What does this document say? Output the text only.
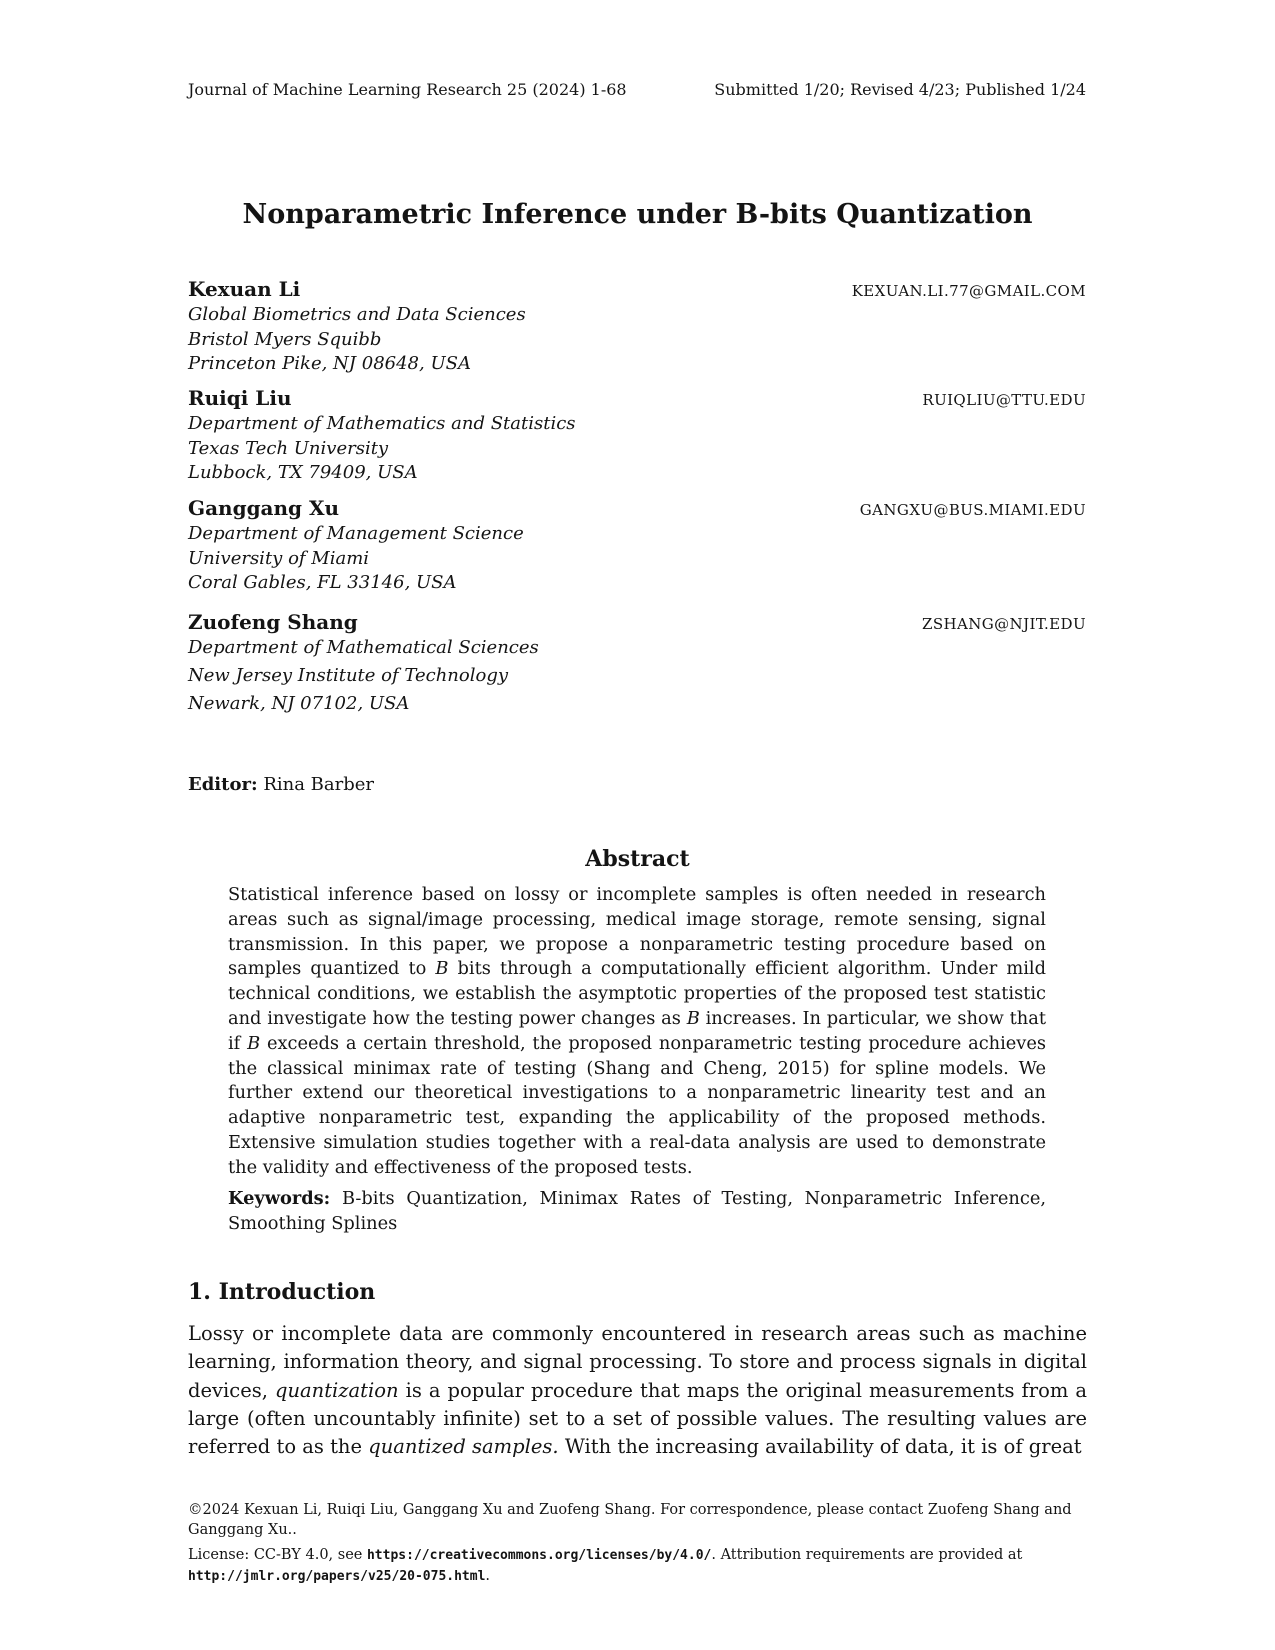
Journal of Machine Learning Research 25 (2024) 1-68	Submitted 1/20; Revised 4/23; Published 1/24
Nonparametric Inference under B-bits Quantization
Kexuan Li	KEXUAN.LI.77@GMAIL.COM
Global Biometrics and Data Sciences
Bristol Myers Squibb
Princeton Pike, NJ 08648, USA
Ruiqi Liu	RUIQLIU@TTU.EDU
Department of Mathematics and Statistics
Texas Tech University
Lubbock, TX 79409, USA
Ganggang Xu	GANGXU@BUS.MIAMI.EDU
Department of Management Science
University of Miami
Coral Gables, FL 33146, USA
Zuofeng Shang	ZSHANG@NJIT.EDU
Department of Mathematical Sciences
New Jersey Institute of Technology
Newark, NJ 07102, USA
Editor: Rina Barber
Abstract

Statistical inference based on lossy or incomplete samples is often needed in research areas such as signal/image processing, medical image storage, remote sensing, signal transmission. In this paper, we propose a nonparametric testing procedure based on samples quantized to B bits through a computationally efficient algorithm. Under mild technical conditions, we establish the asymptotic properties of the proposed test statistic and investigate how the testing power changes as B increases. In particular, we show that if B exceeds a certain threshold, the proposed nonparametric testing procedure achieves the classical minimax rate of testing (Shang and Cheng, 2015) for spline models. We further extend our theoretical investigations to a nonparametric linearity test and an adaptive nonparametric test, expanding the applicability of the proposed methods. Extensive simulation studies together with a real-data analysis are used to demonstrate the validity and effectiveness of the proposed tests.

Keywords: B-bits Quantization, Minimax Rates of Testing, Nonparametric Inference, Smoothing Splines
1. Introduction

Lossy or incomplete data are commonly encountered in research areas such as machine learning, information theory, and signal processing. To store and process signals in digital devices, quantization is a popular procedure that maps the original measurements from a large (often uncountably infinite) set to a set of possible values. The resulting values are referred to as the quantized samples. With the increasing availability of data, it is of great

©2024 Kexuan Li, Ruiqi Liu, Ganggang Xu and Zuofeng Shang. For correspondence, please contact Zuofeng Shang and Ganggang Xu..
License: CC-BY 4.0, see https://creativecommons.org/licenses/by/4.0/. Attribution requirements are provided at http://jmlr.org/papers/v25/20-075.html.
